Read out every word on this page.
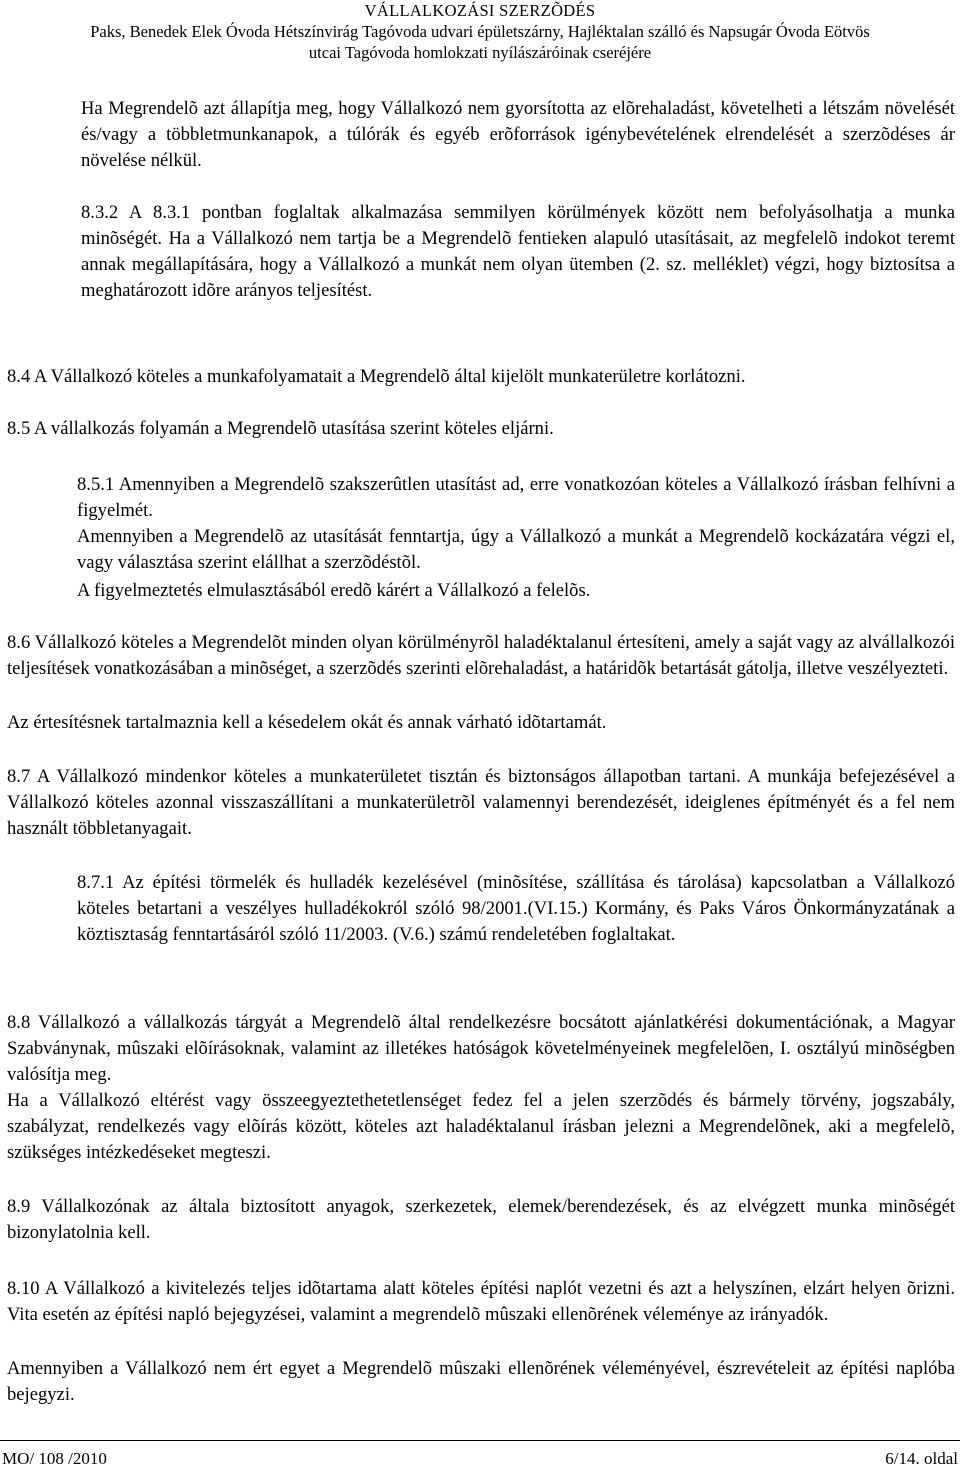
VÁLLALKOZÁSI SZERZÕDÉS
Paks, Benedek Elek Óvoda Hétszínvirág Tagóvoda udvari épületszárny, Hajléktalan szálló és Napsugár Óvoda Eötvös
utcai Tagóvoda homlokzati nyílászáróinak cseréjére

Ha Megrendelõ azt állapítja meg, hogy Vállalkozó nem gyorsította az elõrehaladást, követelheti a létszám növelését és/vagy a többletmunkanapok, a túlórák és egyéb erõforrások igénybevételének elrendelését a szerzõdéses ár növelése nélkül.

8.3.2 A 8.3.1 pontban foglaltak alkalmazása semmilyen körülmények között nem befolyásolhatja a munka minõségét. Ha a Vállalkozó nem tartja be a Megrendelõ fentieken alapuló utasításait, az megfelelõ indokot teremt annak megállapítására, hogy a Vállalkozó a munkát nem olyan ütemben (2. sz. melléklet) végzi, hogy biztosítsa a meghatározott idõre arányos teljesítést.

8.4 A Vállalkozó köteles a munkafolyamatait a Megrendelõ által kijelölt munkaterületre korlátozni.

8.5 A vállalkozás folyamán a Megrendelõ utasítása szerint köteles eljárni.

8.5.1 Amennyiben a Megrendelõ szakszerûtlen utasítást ad, erre vonatkozóan köteles a Vállalkozó írásban felhívni a figyelmét.

Amennyiben a Megrendelõ az utasítását fenntartja, úgy a Vállalkozó a munkát a Megrendelõ kockázatára végzi el, vagy választása szerint elállhat a szerzõdéstõl.

A figyelmeztetés elmulasztásából eredõ kárért a Vállalkozó a felelõs.

8.6 Vállalkozó köteles a Megrendelõt minden olyan körülményrõl haladéktalanul értesíteni, amely a saját vagy az alvállalkozói teljesítések vonatkozásában a minõséget, a szerzõdés szerinti elõrehaladást, a határidõk betartását gátolja, illetve veszélyezteti.

Az értesítésnek tartalmaznia kell a késedelem okát és annak várható idõtartamát.

8.7 A Vállalkozó mindenkor köteles a munkaterületet tisztán és biztonságos állapotban tartani. A munkája befejezésével a Vállalkozó köteles azonnal visszaszállítani a munkaterületrõl valamennyi berendezését, ideiglenes építményét és a fel nem használt többletanyagait.

8.7.1 Az építési törmelék és hulladék kezelésével (minõsítése, szállítása és tárolása) kapcsolatban a Vállalkozó köteles betartani a veszélyes hulladékokról szóló 98/2001.(VI.15.) Kormány, és Paks Város Önkormányzatának a köztisztaság fenntartásáról szóló 11/2003. (V.6.) számú rendeletében foglaltakat.

8.8 Vállalkozó a vállalkozás tárgyát a Megrendelõ által rendelkezésre bocsátott ajánlatkérési dokumentációnak, a Magyar Szabványnak, mûszaki elõírásoknak, valamint az illetékes hatóságok követelményeinek megfelelõen, I. osztályú minõségben valósítja meg.

Ha a Vállalkozó eltérést vagy összeegyeztethetetlenséget fedez fel a jelen szerzõdés és bármely törvény, jogszabály, szabályzat, rendelkezés vagy elõírás között, köteles azt haladéktalanul írásban jelezni a Megrendelõnek, aki a megfelelõ, szükséges intézkedéseket megteszi.

8.9 Vállalkozónak az általa biztosított anyagok, szerkezetek, elemek/berendezések, és az elvégzett munka minõségét bizonylatolnia kell.

8.10 A Vállalkozó a kivitelezés teljes idõtartama alatt köteles építési naplót vezetni és azt a helyszínen, elzárt helyen õrizni. Vita esetén az építési napló bejegyzései, valamint a megrendelõ mûszaki ellenõrének véleménye az irányadók.

Amennyiben a Vállalkozó nem ért egyet a Megrendelõ mûszaki ellenõrének véleményével, észrevételeit az építési naplóba bejegyzi.

MO/ 108 /2010	6/14. oldal
